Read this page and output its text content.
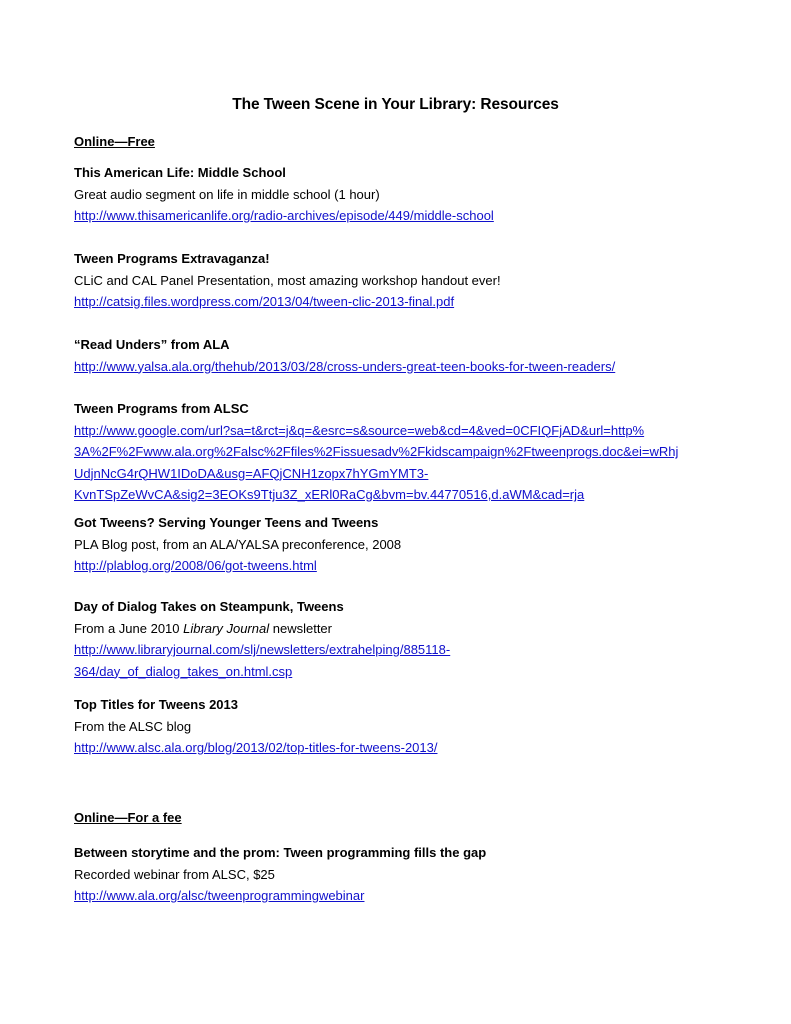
The Tween Scene in Your Library: Resources
Online—Free
This American Life: Middle School
Great audio segment on life in middle school (1 hour)
http://www.thisamericanlife.org/radio-archives/episode/449/middle-school
Tween Programs Extravaganza!
CLiC and CAL Panel Presentation, most amazing workshop handout ever!
http://catsig.files.wordpress.com/2013/04/tween-clic-2013-final.pdf
“Read Unders” from ALA
http://www.yalsa.ala.org/thehub/2013/03/28/cross-unders-great-teen-books-for-tween-readers/
Tween Programs from ALSC
http://www.google.com/url?sa=t&rct=j&q=&esrc=s&source=web&cd=4&ved=0CFIQFjAD&url=http%
3A%2F%2Fwww.ala.org%2Falsc%2Ffiles%2Fissuesadv%2Fkidscampaign%2Ftweenprogs.doc&ei=wRhj
UdjnNcG4rQHW1IDoDA&usg=AFQjCNH1zopx7hYGmYMT3-
KvnTSpZeWvCA&sig2=3EOKs9Ttju3Z_xERl0RaCg&bvm=bv.44770516,d.aWM&cad=rja
Got Tweens? Serving Younger Teens and Tweens
PLA Blog post, from an ALA/YALSA preconference, 2008
http://plablog.org/2008/06/got-tweens.html
Day of Dialog Takes on Steampunk, Tweens
From a June 2010 Library Journal newsletter
http://www.libraryjournal.com/slj/newsletters/extrahelping/885118-
364/day_of_dialog_takes_on.html.csp
Top Titles for Tweens 2013
From the ALSC blog
http://www.alsc.ala.org/blog/2013/02/top-titles-for-tweens-2013/
Online—For a fee
Between storytime and the prom: Tween programming fills the gap
Recorded webinar from ALSC, $25
http://www.ala.org/alsc/tweenprogrammingwebinar
